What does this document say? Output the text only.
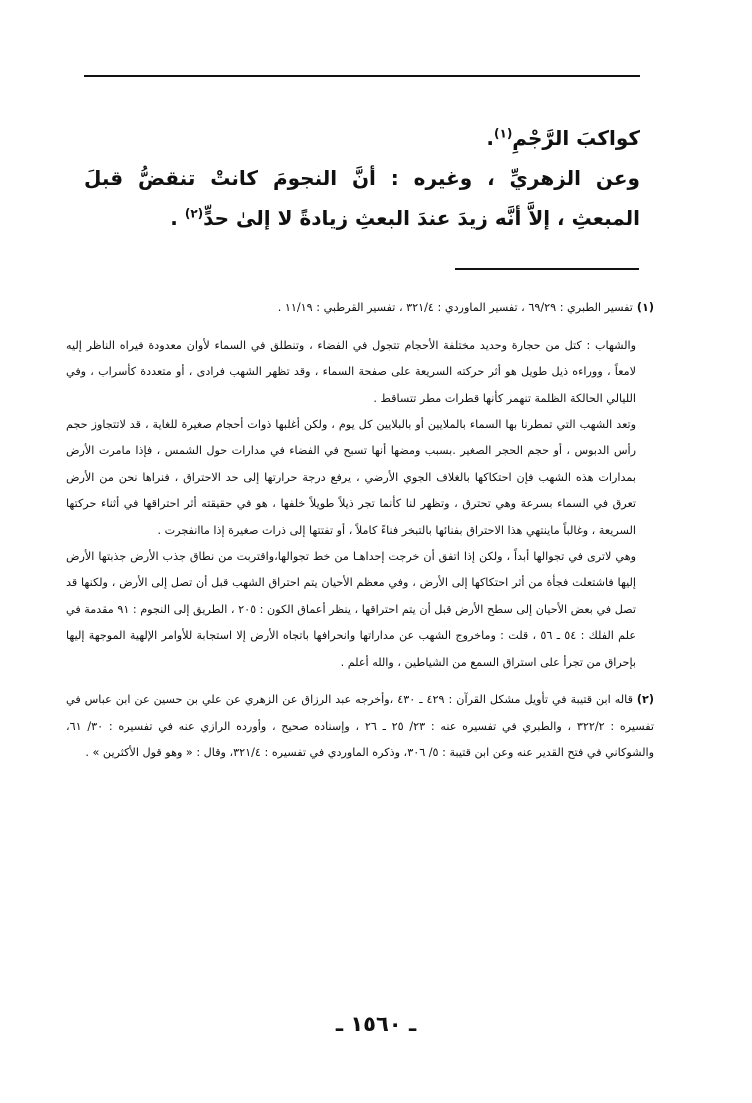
كواكبَ الرَّجْمِ$^{(١)}$.

وعن الزهريِّ ، وغيره : أنَّ النجومَ كانتْ تنقضُّ قبلَ المبعثِ ، إلاَّ أنَّه زيدَ عندَ البعثِ زيادةً لا إلىٰ حدٍّ$^{(٢)}$ .

(١)تفسير الطبري : ٦٩/٢٩ ، تفسير الماوردي : ٣٢١/٤ ، تفسير القرطبي : ١١/١٩ .

والشهاب : كتل من حجارة وحديد مختلفة الأحجام تتجول في الفضاء ، وتنطلق في السماء لأوان معدودة فيراه الناظر إليه لامعاً ، ووراءه ذيل طويل هو أثر حركته السريعة على صفحة السماء ، وقد تظهر الشهب فرادى ، أو متعددة كأسراب ، وفي الليالي الحالكة الظلمة تنهمر كأنها قطرات مطر تتساقط .

وتعد الشهب التي تمطرنا بها السماء بالملايين أو بالبلايين كل يوم ، ولكن أغلبها ذوات أحجام صغيرة للغاية ، قد لاتتجاوز حجم رأس الدبوس ، أو حجم الحجر الصغير .بسبب ومضها أنها تسبح في الفضاء في مدارات حول الشمس ، فإذا مامرت الأرض بمدارات هذه الشهب فإن احتكاكها بالغلاف الجوي الأرضي ، يرفع درجة حرارتها إلى حد الاحتراق ، فنراها نحن من الأرض تعرق في السماء بسرعة وهي تحترق ، وتظهر لنا كأنما تجر ذيلاً طويلاً خلفها ، هو في حقيقته أثر احتراقها في أثناء حركتها السريعة ، وغالباً ماينتهي هذا الاحتراق بفنائها بالتبخر فناءً كاملاً ، أو تفتتها إلى ذرات صغيرة إذا ماانفجرت .

وهي لاترى في تجوالها أبداً ، ولكن إذا اتفق أن خرجت إحداهـا من خط تجوالها،واقتربت من نطاق جذب الأرض جذبتها الأرض إليها فاشتعلت فجأة من أثر احتكاكها إلى الأرض ، وفي معظم الأحيان يتم احتراق الشهب قبل أن تصل إلى الأرض ، ولكنها قد تصل في بعض الأحيان إلى سطح الأرض قبل أن يتم احتراقها ، ينظر أعماق الكون : ٢٠٥ ، الطريق إلى النجوم : ٩١ مقدمة في علم الفلك : ٥٤ ـ ٥٦ ، قلت : وماخروج الشهب عن مداراتها وانحرافها باتجاه الأرض إلا استجابة للأوامر الإلهية الموجهة إليها بإحراق من تجرأ على استراق السمع من الشياطين ، والله أعلم .

(٢)قاله ابن قتيبة في تأويل مشكل القرآن : ٤٢٩ ـ ٤٣٠ ،وأخرجه عبد الرزاق عن الزهري عن علي بن حسين عن ابن عباس في تفسيره : ٣٢٢/٢ ، والطبري في تفسيره عنه : ٢٣/ ٢٥ ـ ٢٦ ، وإسناده صحيح ، وأورده الرازي عنه في تفسيره : ٣٠/ ٦١، والشوكاني في فتح القدير عنه وعن ابن قتيبة : ٥/ ٣٠٦، وذكره الماوردي في تفسيره : ٣٢١/٤، وقال : « وهو قول الأكثرين » .

ـ ١٥٦٠ ـ
